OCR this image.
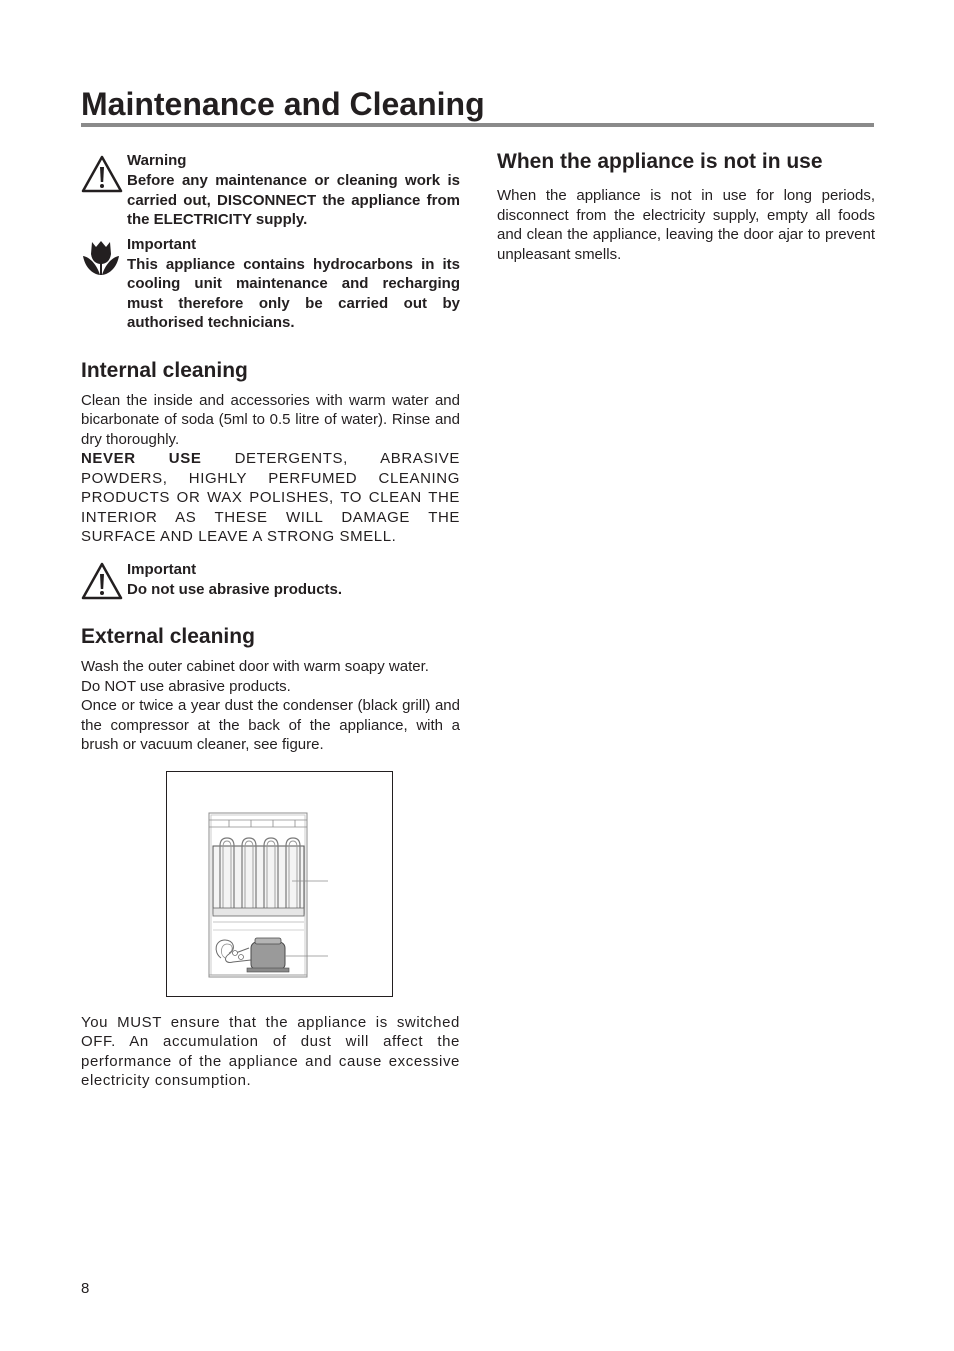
Maintenance and Cleaning
Warning
Before any maintenance or cleaning work is carried out, DISCONNECT the appliance from the ELECTRICITY supply.
Important
This appliance contains hydrocarbons in its cooling unit maintenance and recharging must therefore only be carried out by authorised technicians.
Internal cleaning

Clean the inside and accessories with warm water and bicarbonate of soda (5ml to 0.5 litre of water). Rinse and dry thoroughly.

NEVER USE DETERGENTS, ABRASIVE POWDERS, HIGHLY PERFUMED CLEANING PRODUCTS OR WAX POLISHES, TO CLEAN THE INTERIOR AS THESE WILL DAMAGE THE SURFACE AND LEAVE A STRONG SMELL.

Important
Do not use abrasive products.
External cleaning

Wash the outer cabinet door with warm soapy water.

Do NOT use abrasive products.

Once or twice a year dust the condenser (black grill) and the compressor at the back of the appliance, with a brush or vacuum cleaner, see figure.

You MUST ensure that the appliance is switched OFF. An accumulation of dust will affect the performance of the appliance and cause excessive electricity consumption.

When the appliance is not in use

When the appliance is not in use for long periods, disconnect from the electricity supply, empty all foods and clean the appliance, leaving the door ajar to prevent unpleasant smells.

8
